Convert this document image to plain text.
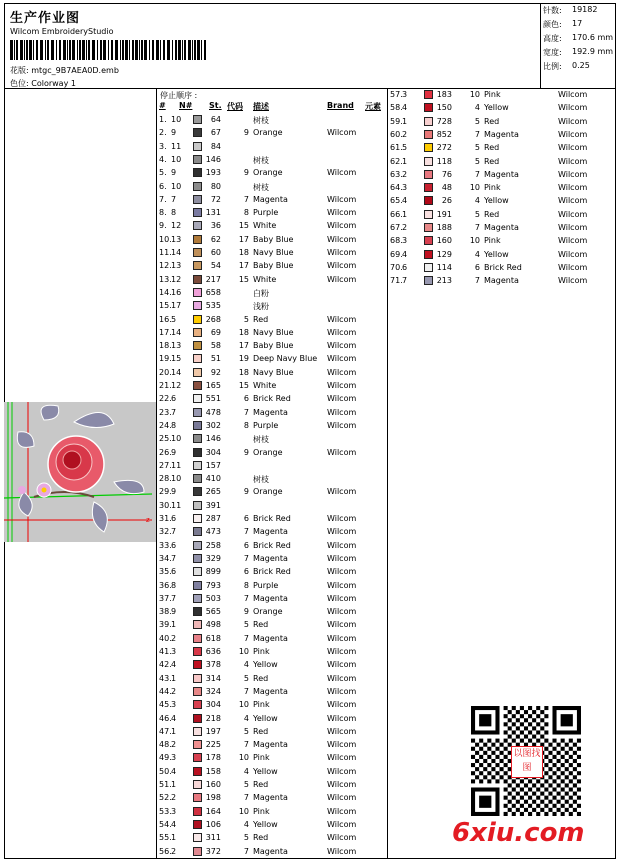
生产作业图
Wilcom EmbroideryStudio
花版: mtgc_9B7AEA0D.emb
色位: Colorway 1
针数: 19182
颜色: 17
高度: 170.6 mm
宽度: 192.9 mm
比例: 0.25
z
停止顺序 :
# N# St. 代码 描述	Brand 元素
1. 10	64	树枝
2. 9	67	9 Orange	Wilcom
3. 11	84
4. 10	146	树枝
5. 9	193	9 Orange	Wilcom
6. 10	80	树枝
7. 7	72	7 Magenta	Wilcom
8. 8	131	8 Purple	Wilcom
9. 12	36	15 White	Wilcom
10. 13	62	17 Baby Blue	Wilcom
11. 14	60	18 Navy Blue	Wilcom
12. 13	54	17 Baby Blue	Wilcom
13. 12	217	15 White	Wilcom
14. 16	658	白粉
15. 17	535	浅粉
16. 5	268	5 Red	Wilcom
17. 14	69	18 Navy Blue	Wilcom
18. 13	58	17 Baby Blue	Wilcom
19. 15	51	19 Deep Navy Blue Wilcom
20. 14	92	18 Navy Blue	Wilcom
21. 12	165	15 White	Wilcom
22. 6	551	6 Brick Red	Wilcom
23. 7	478	7 Magenta	Wilcom
24. 8	302	8 Purple	Wilcom
25. 10	146	树枝
26. 9	304	9 Orange	Wilcom
27. 11	157
28. 10	410	树枝
29. 9	265	9 Orange	Wilcom
30. 11	391
31. 6	287	6 Brick Red	Wilcom
32. 7	473	7 Magenta	Wilcom
33. 6	258	6 Brick Red	Wilcom
34. 7	329	7 Magenta	Wilcom
35. 6	899	6 Brick Red	Wilcom
36. 8	793	8 Purple	Wilcom
37. 7	503	7 Magenta	Wilcom
38. 9	565	9 Orange	Wilcom
39. 1	498	5 Red	Wilcom
40. 2	618	7 Magenta	Wilcom
41. 3	636	10 Pink	Wilcom
42. 4	378	4 Yellow	Wilcom
43. 1	314	5 Red	Wilcom
44. 2	324	7 Magenta	Wilcom
45. 3	304	10 Pink	Wilcom
46. 4	218	4 Yellow	Wilcom
47. 1	197	5 Red	Wilcom
48. 2	225	7 Magenta	Wilcom
49. 3	178	10 Pink	Wilcom
50. 4	158	4 Yellow	Wilcom
51. 1	160	5 Red	Wilcom
52. 2	198	7 Magenta	Wilcom
53. 3	164	10 Pink	Wilcom
54. 4	106	4 Yellow	Wilcom
55. 1	311	5 Red	Wilcom
56. 2	372	7 Magenta	Wilcom
57. 3	183	10 Pink	Wilcom
58. 4	150	4 Yellow	Wilcom
59. 1	728	5 Red	Wilcom
60. 2	852	7 Magenta	Wilcom
61. 5	272	5 Red	Wilcom
62. 1	118	5 Red	Wilcom
63. 2	76	7 Magenta	Wilcom
64. 3	48	10 Pink	Wilcom
65. 4	26	4 Yellow	Wilcom
66. 1	191	5 Red	Wilcom
67. 2	188	7 Magenta	Wilcom
68. 3	160	10 Pink	Wilcom
69. 4	129	4 Yellow	Wilcom
70. 6	114	6 Brick Red	Wilcom
71. 7	213	7 Magenta	Wilcom
以图找图
6xiu.com
